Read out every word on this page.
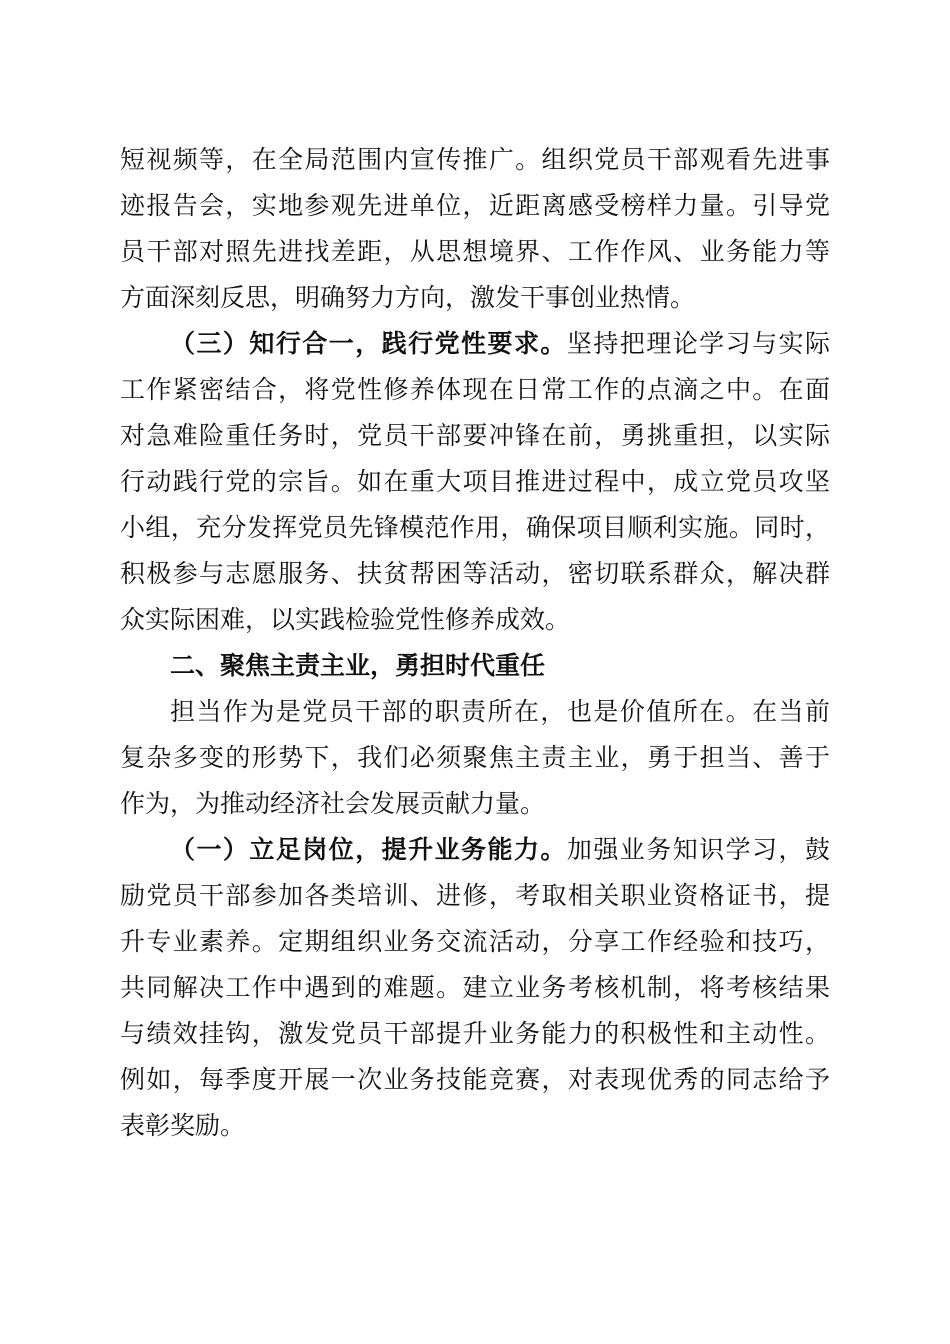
短视频等，在全局范围内宣传推广。组织党员干部观看先进事
迹报告会，实地参观先进单位，近距离感受榜样力量。引导党
员干部对照先进找差距，从思想境界、工作作风、业务能力等
方面深刻反思，明确努力方向，激发干事创业热情。
（三）知行合一，践行党性要求。坚持把理论学习与实际
工作紧密结合，将党性修养体现在日常工作的点滴之中。在面
对急难险重任务时，党员干部要冲锋在前，勇挑重担，以实际
行动践行党的宗旨。如在重大项目推进过程中，成立党员攻坚
小组，充分发挥党员先锋模范作用，确保项目顺利实施。同时，
积极参与志愿服务、扶贫帮困等活动，密切联系群众，解决群
众实际困难，以实践检验党性修养成效。
二、聚焦主责主业，勇担时代重任
担当作为是党员干部的职责所在，也是价值所在。在当前
复杂多变的形势下，我们必须聚焦主责主业，勇于担当、善于
作为，为推动经济社会发展贡献力量。
（一）立足岗位，提升业务能力。加强业务知识学习，鼓
励党员干部参加各类培训、进修，考取相关职业资格证书，提
升专业素养。定期组织业务交流活动，分享工作经验和技巧，
共同解决工作中遇到的难题。建立业务考核机制，将考核结果
与绩效挂钩，激发党员干部提升业务能力的积极性和主动性。
例如，每季度开展一次业务技能竞赛，对表现优秀的同志给予
表彰奖励。
